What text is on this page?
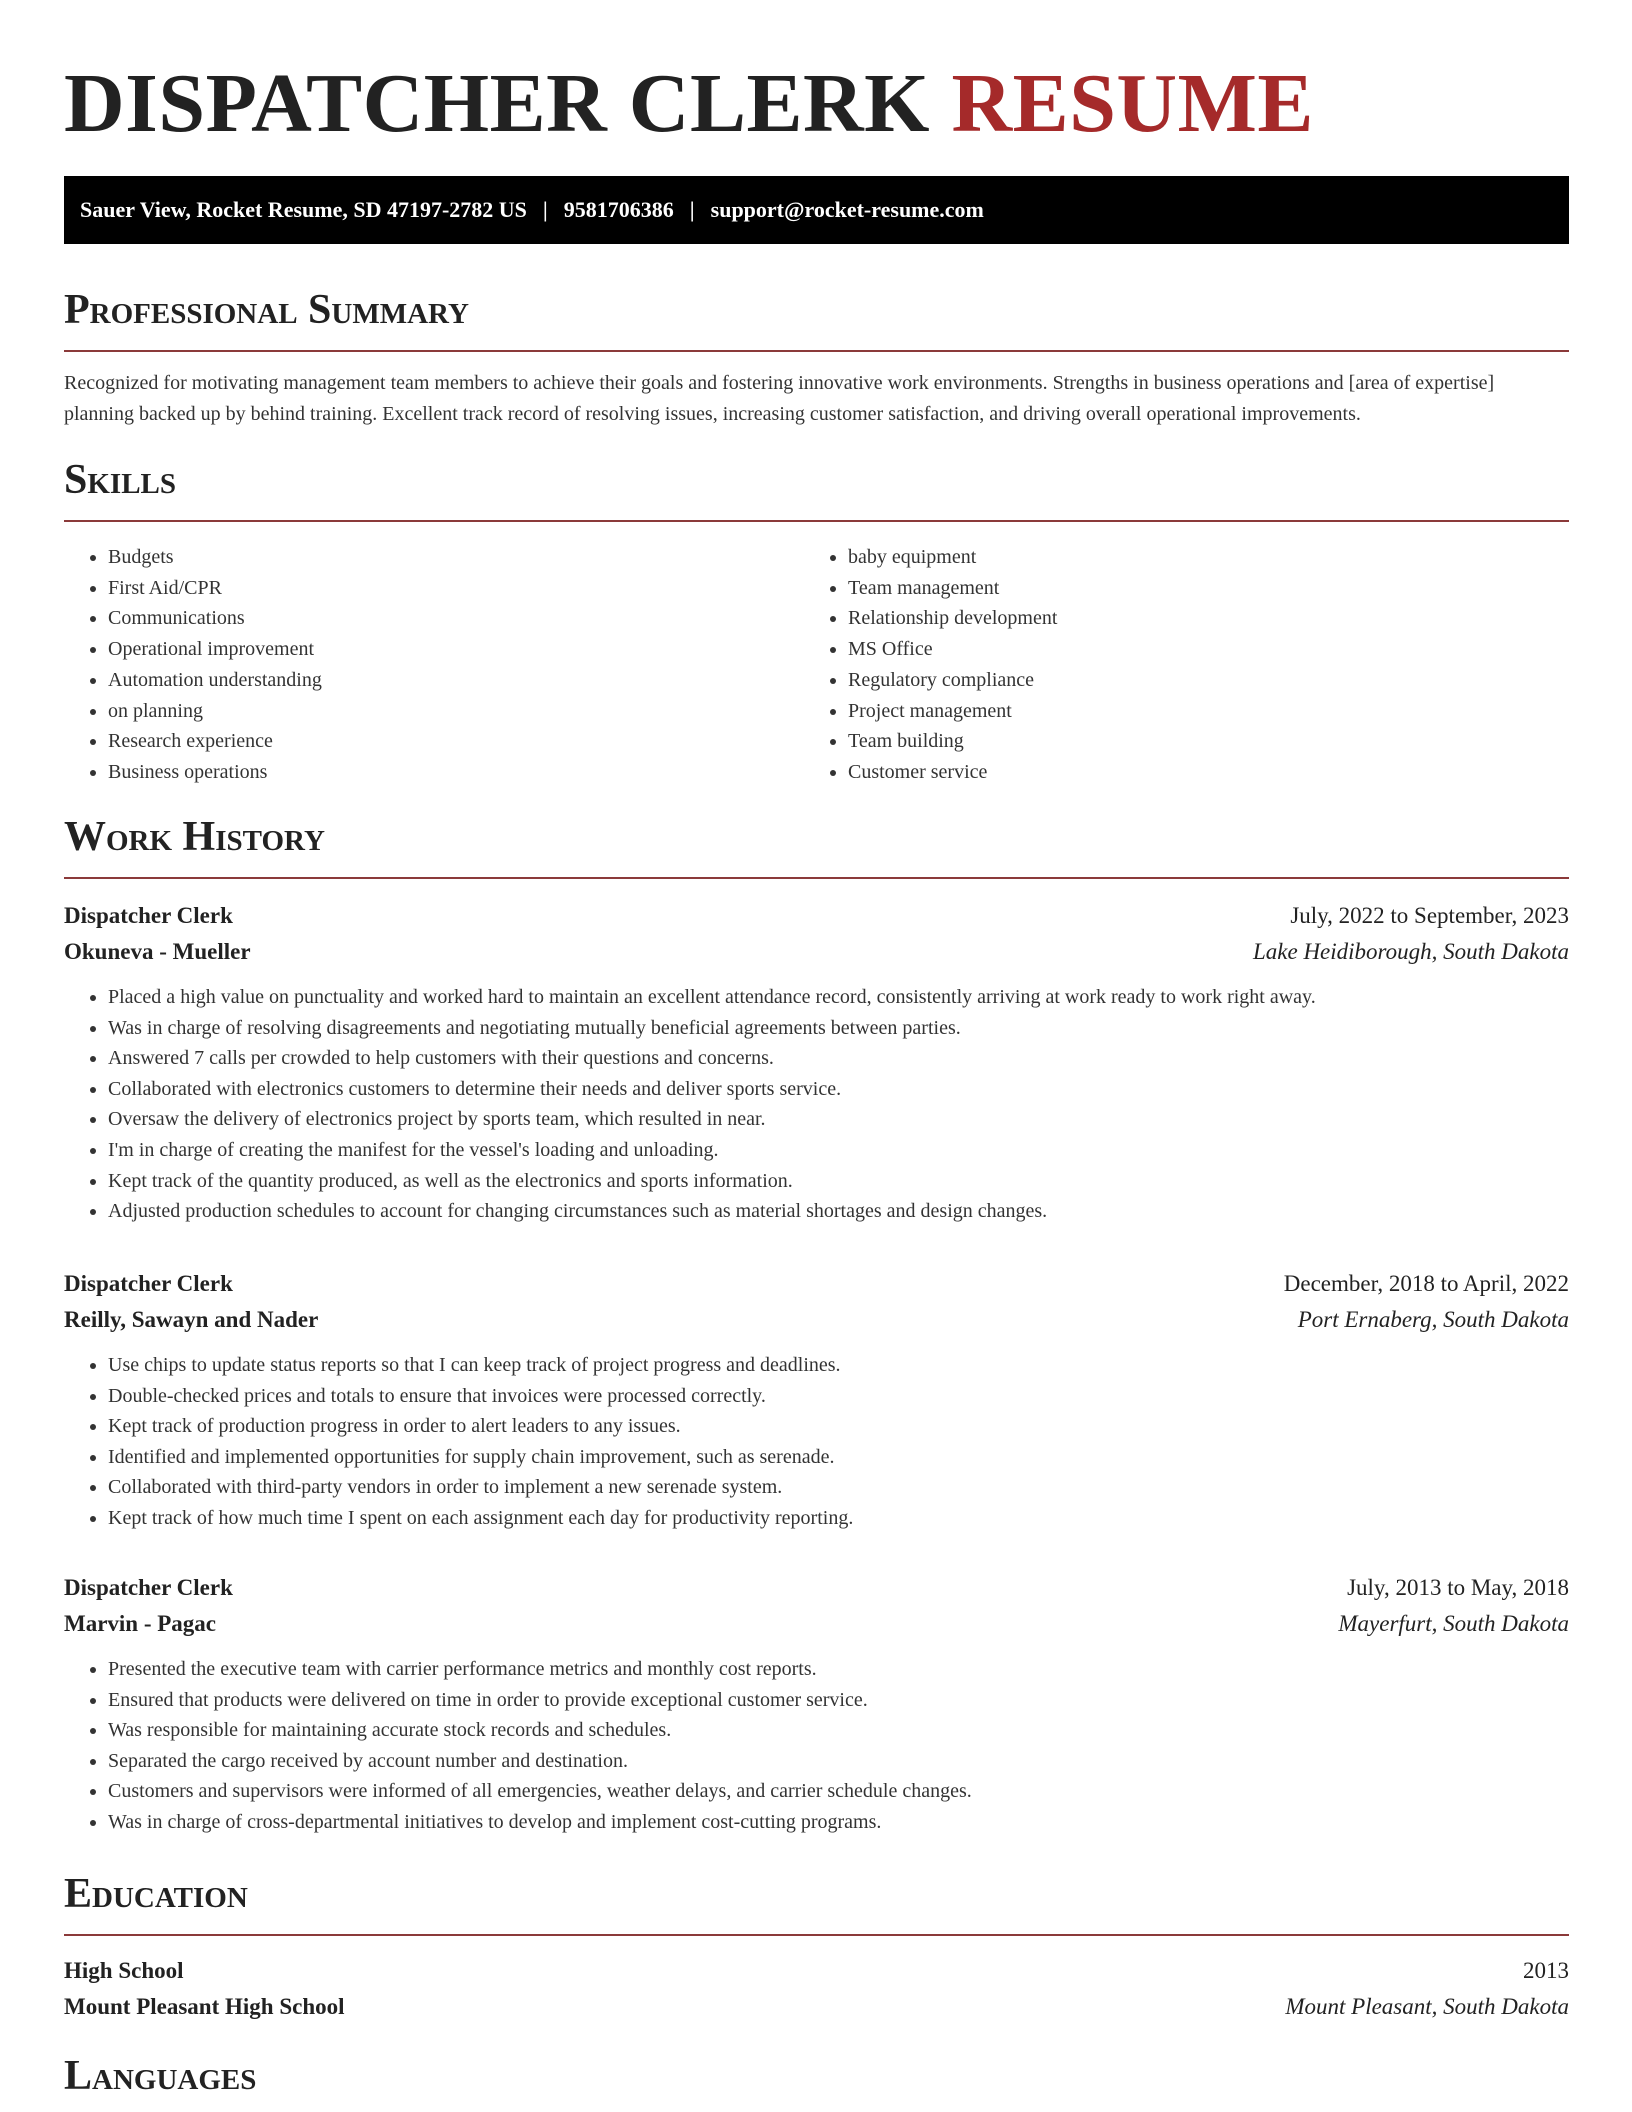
DISPATCHER CLERK RESUME
Sauer View, Rocket Resume, SD 47197-2782 US | 9581706386 | support@rocket-resume.com
Professional Summary

Recognized for motivating management team members to achieve their goals and fostering innovative work environments. Strengths in business operations and [area of expertise] planning backed up by behind training. Excellent track record of resolving issues, increasing customer satisfaction, and driving overall operational improvements.

Skills
• Budgets
• First Aid/CPR
• Communications
• Operational improvement
• Automation understanding
• on planning
• Research experience
• Business operations
• baby equipment
• Team management
• Relationship development
• MS Office
• Regulatory compliance
• Project management
• Team building
• Customer service
Work History
Dispatcher Clerk	July, 2022 to September, 2023
Okuneva - Mueller	Lake Heidiborough, South Dakota
• Placed a high value on punctuality and worked hard to maintain an excellent attendance record, consistently arriving at work ready to work right away.
• Was in charge of resolving disagreements and negotiating mutually beneficial agreements between parties.
• Answered 7 calls per crowded to help customers with their questions and concerns.
• Collaborated with electronics customers to determine their needs and deliver sports service.
• Oversaw the delivery of electronics project by sports team, which resulted in near.
• I'm in charge of creating the manifest for the vessel's loading and unloading.
• Kept track of the quantity produced, as well as the electronics and sports information.
• Adjusted production schedules to account for changing circumstances such as material shortages and design changes.
Dispatcher Clerk	December, 2018 to April, 2022
Reilly, Sawayn and Nader	Port Ernaberg, South Dakota
• Use chips to update status reports so that I can keep track of project progress and deadlines.
• Double-checked prices and totals to ensure that invoices were processed correctly.
• Kept track of production progress in order to alert leaders to any issues.
• Identified and implemented opportunities for supply chain improvement, such as serenade.
• Collaborated with third-party vendors in order to implement a new serenade system.
• Kept track of how much time I spent on each assignment each day for productivity reporting.
Dispatcher Clerk	July, 2013 to May, 2018
Marvin - Pagac	Mayerfurt, South Dakota
• Presented the executive team with carrier performance metrics and monthly cost reports.
• Ensured that products were delivered on time in order to provide exceptional customer service.
• Was responsible for maintaining accurate stock records and schedules.
• Separated the cargo received by account number and destination.
• Customers and supervisors were informed of all emergencies, weather delays, and carrier schedule changes.
• Was in charge of cross-departmental initiatives to develop and implement cost-cutting programs.
Education
High School	2013
Mount Pleasant High School	Mount Pleasant, South Dakota
Languages
